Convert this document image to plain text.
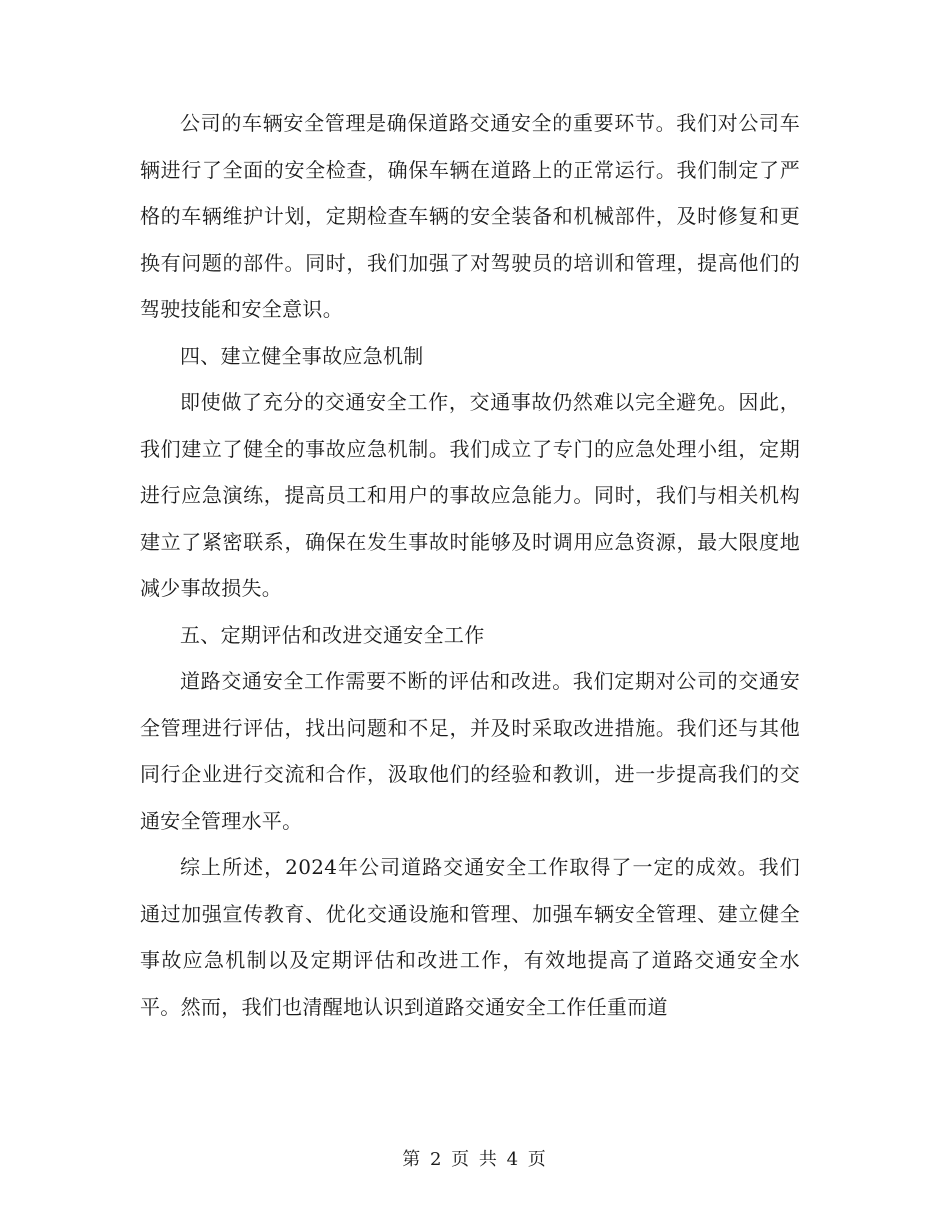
公司的车辆安全管理是确保道路交通安全的重要环节。我们对公司车辆进行了全面的安全检查，确保车辆在道路上的正常运行。我们制定了严格的车辆维护计划，定期检查车辆的安全装备和机械部件，及时修复和更换有问题的部件。同时，我们加强了对驾驶员的培训和管理，提高他们的驾驶技能和安全意识。

四、建立健全事故应急机制

即使做了充分的交通安全工作，交通事故仍然难以完全避免。因此，我们建立了健全的事故应急机制。我们成立了专门的应急处理小组，定期进行应急演练，提高员工和用户的事故应急能力。同时，我们与相关机构建立了紧密联系，确保在发生事故时能够及时调用应急资源，最大限度地减少事故损失。

五、定期评估和改进交通安全工作

道路交通安全工作需要不断的评估和改进。我们定期对公司的交通安全管理进行评估，找出问题和不足，并及时采取改进措施。我们还与其他同行企业进行交流和合作，汲取他们的经验和教训，进一步提高我们的交通安全管理水平。

综上所述，2024年公司道路交通安全工作取得了一定的成效。我们通过加强宣传教育、优化交通设施和管理、加强车辆安全管理、建立健全事故应急机制以及定期评估和改进工作，有效地提高了道路交通安全水平。然而，我们也清醒地认识到道路交通安全工作任重而道

第 2 页 共 4 页
